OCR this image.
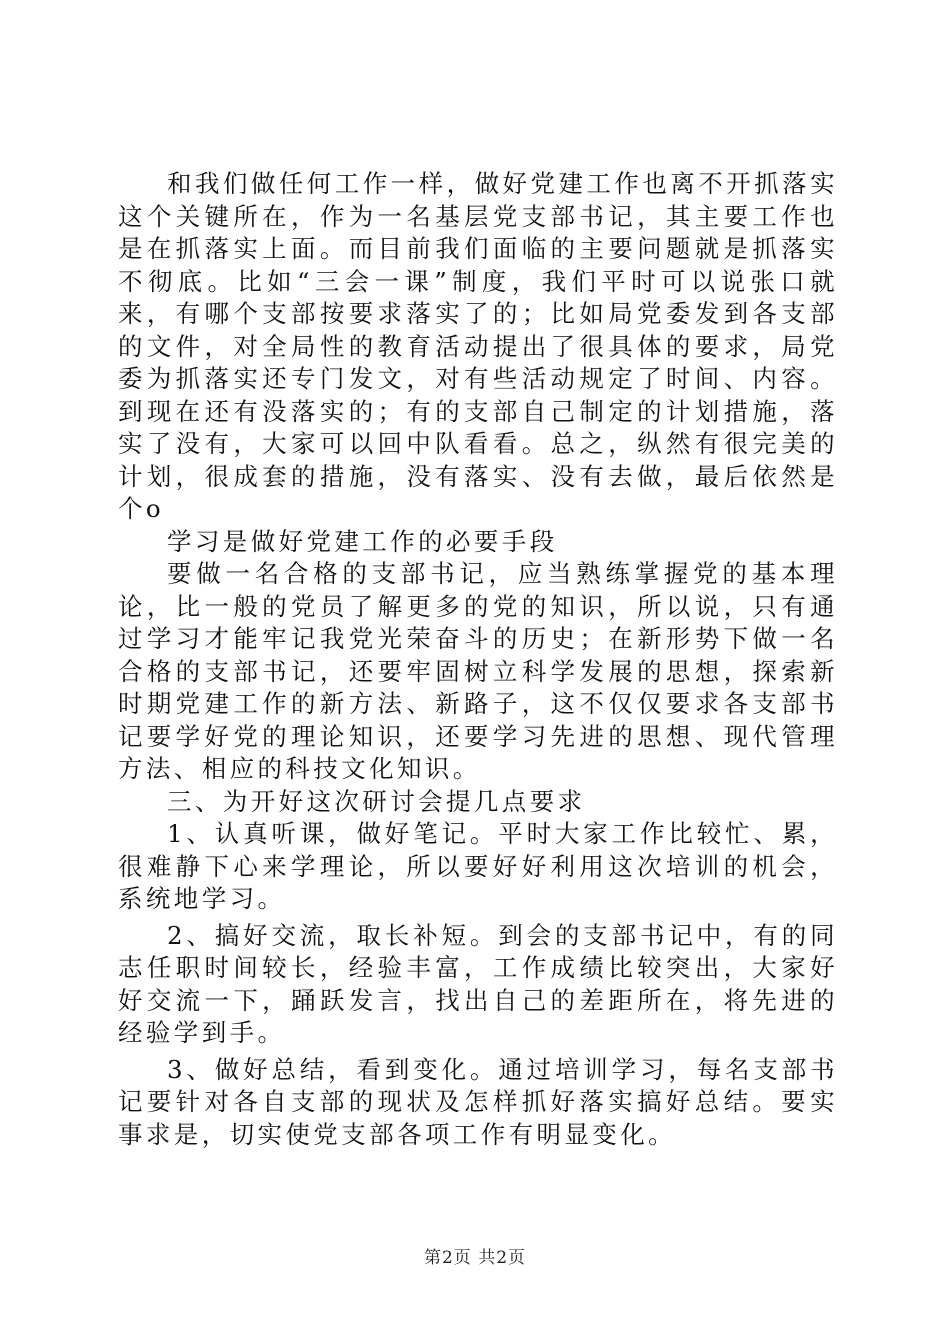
和我们做任何工作一样，做好党建工作也离不开抓落实这个关键所在，作为一名基层党支部书记，其主要工作也是在抓落实上面。而目前我们面临的主要问题就是抓落实不彻底。比如“三会一课”制度，我们平时可以说张口就来，有哪个支部按要求落实了的；比如局党委发到各支部的文件，对全局性的教育活动提出了很具体的要求，局党委为抓落实还专门发文，对有些活动规定了时间、内容。到现在还有没落实的；有的支部自己制定的计划措施，落实了没有，大家可以回中队看看。总之，纵然有很完美的计划，很成套的措施，没有落实、没有去做，最后依然是个o

学习是做好党建工作的必要手段

要做一名合格的支部书记，应当熟练掌握党的基本理论，比一般的党员了解更多的党的知识，所以说，只有通过学习才能牢记我党光荣奋斗的历史；在新形势下做一名合格的支部书记，还要牢固树立科学发展的思想，探索新时期党建工作的新方法、新路子，这不仅仅要求各支部书记要学好党的理论知识，还要学习先进的思想、现代管理方法、相应的科技文化知识。

三、为开好这次研讨会提几点要求

1、认真听课，做好笔记。平时大家工作比较忙、累，很难静下心来学理论，所以要好好利用这次培训的机会，系统地学习。

2、搞好交流，取长补短。到会的支部书记中，有的同志任职时间较长，经验丰富，工作成绩比较突出，大家好好交流一下，踊跃发言，找出自己的差距所在，将先进的经验学到手。

3、做好总结，看到变化。通过培训学习，每名支部书记要针对各自支部的现状及怎样抓好落实搞好总结。要实事求是，切实使党支部各项工作有明显变化。

第2页 共2页
